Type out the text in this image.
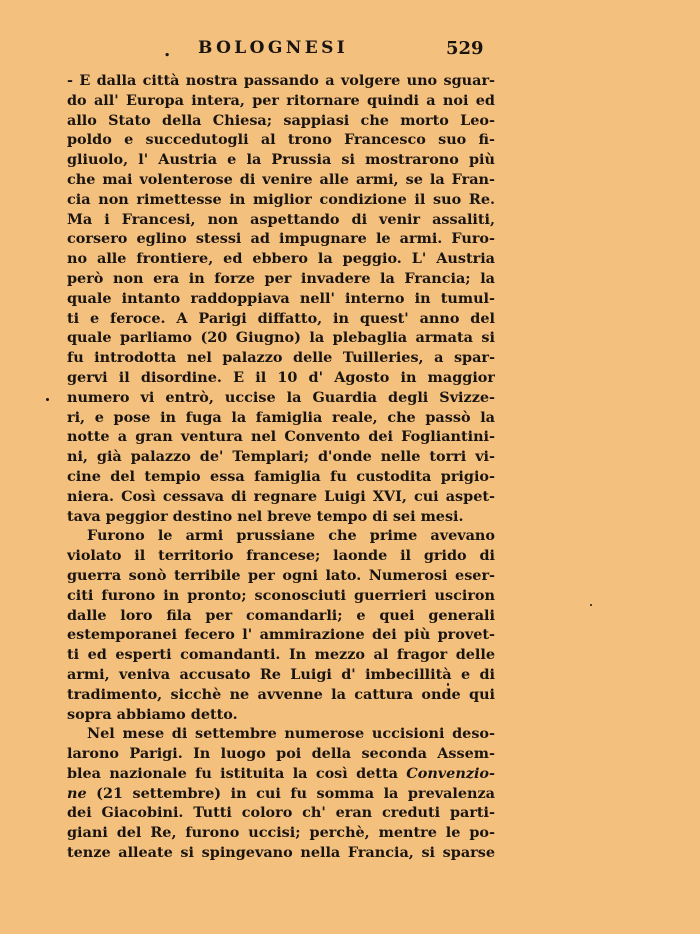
. BOLOGNESI	529
- E dalla città nostra passando a volgere uno sguar-
do all' Europa intera, per ritornare quindi a noi ed
allo Stato della Chiesa; sappiasi che morto Leo-
poldo e succedutogli al trono Francesco suo fi-
gliuolo, l' Austria e la Prussia si mostrarono più
che mai volenterose di venire alle armi, se la Fran-
cia non rimettesse in miglior condizione il suo Re.
Ma i Francesi, non aspettando di venir assaliti,
corsero eglino stessi ad impugnare le armi. Furo-
no alle frontiere, ed ebbero la peggio. L' Austria
però non era in forze per invadere la Francia; la
quale intanto raddoppiava nell' interno in tumul-
ti e feroce. A Parigi diffatto, in quest' anno del
quale parliamo (20 Giugno) la plebaglia armata si
fu introdotta nel palazzo delle Tuilleries, a spar-
gervi il disordine. E il 10 d' Agosto in maggior
numero vi entrò, uccise la Guardia degli Svizze-
ri, e pose in fuga la famiglia reale, che passò la
notte a gran ventura nel Convento dei Fogliantini-
ni, già palazzo de' Templari; d'onde nelle torri vi-
cine del tempio essa famiglia fu custodita prigio-
niera. Così cessava di regnare Luigi XVI, cui aspet-
tava peggior destino nel breve tempo di sei mesi.
Furono le armi prussiane che prime avevano
violato il territorio francese; laonde il grido di
guerra sonò terribile per ogni lato. Numerosi eser-
citi furono in pronto; sconosciuti guerrieri usciron
dalle loro fila per comandarli; e quei generali
estemporanei fecero l' ammirazione dei più provet-
ti ed esperti comandanti. In mezzo al fragor delle
armi, veniva accusato Re Luigi d' imbecillità e di
tradimento, sicchè ne avvenne la cattura onde qui
sopra abbiamo detto.
Nel mese di settembre numerose uccisioni deso-
larono Parigi. In luogo poi della seconda Assem-
blea nazionale fu istituita la così detta Convenzio-
ne (21 settembre) in cui fu somma la prevalenza
dei Giacobini. Tutti coloro ch' eran creduti parti-
giani del Re, furono uccisi; perchè, mentre le po-
tenze alleate si spingevano nella Francia, si sparse
